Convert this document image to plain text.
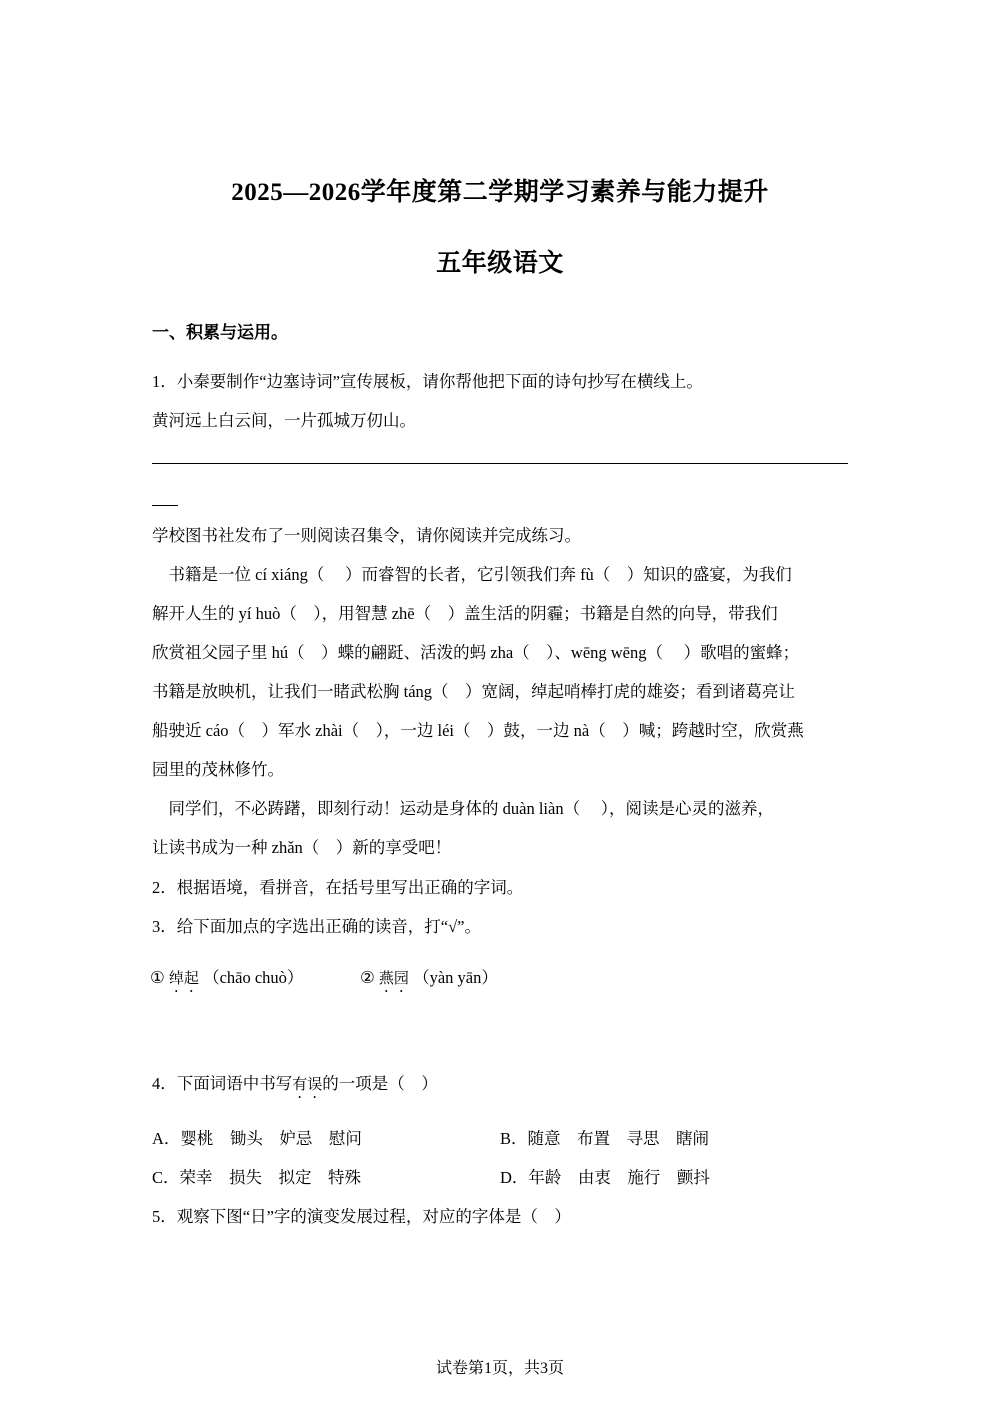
2025—2026学年度第二学期学习素养与能力提升
五年级语文
一、积累与运用。
1．小秦要制作“边塞诗词”宣传展板，请你帮他把下面的诗句抄写在横线上。
黄河远上白云间，一片孤城万仞山。
学校图书社发布了一则阅读召集令，请你阅读并完成练习。
　书籍是一位 cí xiáng（　 ）而睿智的长者，它引领我们奔 fù（　）知识的盛宴，为我们
解开人生的 yí huò（　），用智慧 zhē（　）盖生活的阴霾；书籍是自然的向导，带我们
欣赏祖父园子里 hú（　）蝶的翩跹、活泼的蚂 zha（　）、wēng wēng（　 ）歌唱的蜜蜂；
书籍是放映机，让我们一睹武松胸 táng（　）宽阔，绰起哨棒打虎的雄姿；看到诸葛亮让
船驶近 cáo（　）军水 zhài（　），一边 léi（　）鼓，一边 nà（　）喊；跨越时空，欣赏燕
园里的茂林修竹。
　同学们，不必踌躇，即刻行动！运动是身体的 duàn liàn（　 ），阅读是心灵的滋养，
让读书成为一种 zhǎn（　）新的享受吧！
2．根据语境，看拼音，在括号里写出正确的字词。
3．给下面加点的字选出正确的读音，打“√”。
① 绰起 （chāo chuò）	② 燕园 （yàn yān）
4．下面词语中书写有误的一项是（　）
A．婴桃　锄头　妒忌　慰问	B．随意　布置　寻思　瞎闹
C．荣幸　损失　拟定　特殊	D．年龄　由衷　施行　颤抖
5．观察下图“日”字的演变发展过程，对应的字体是（　）
试卷第1页，共3页
